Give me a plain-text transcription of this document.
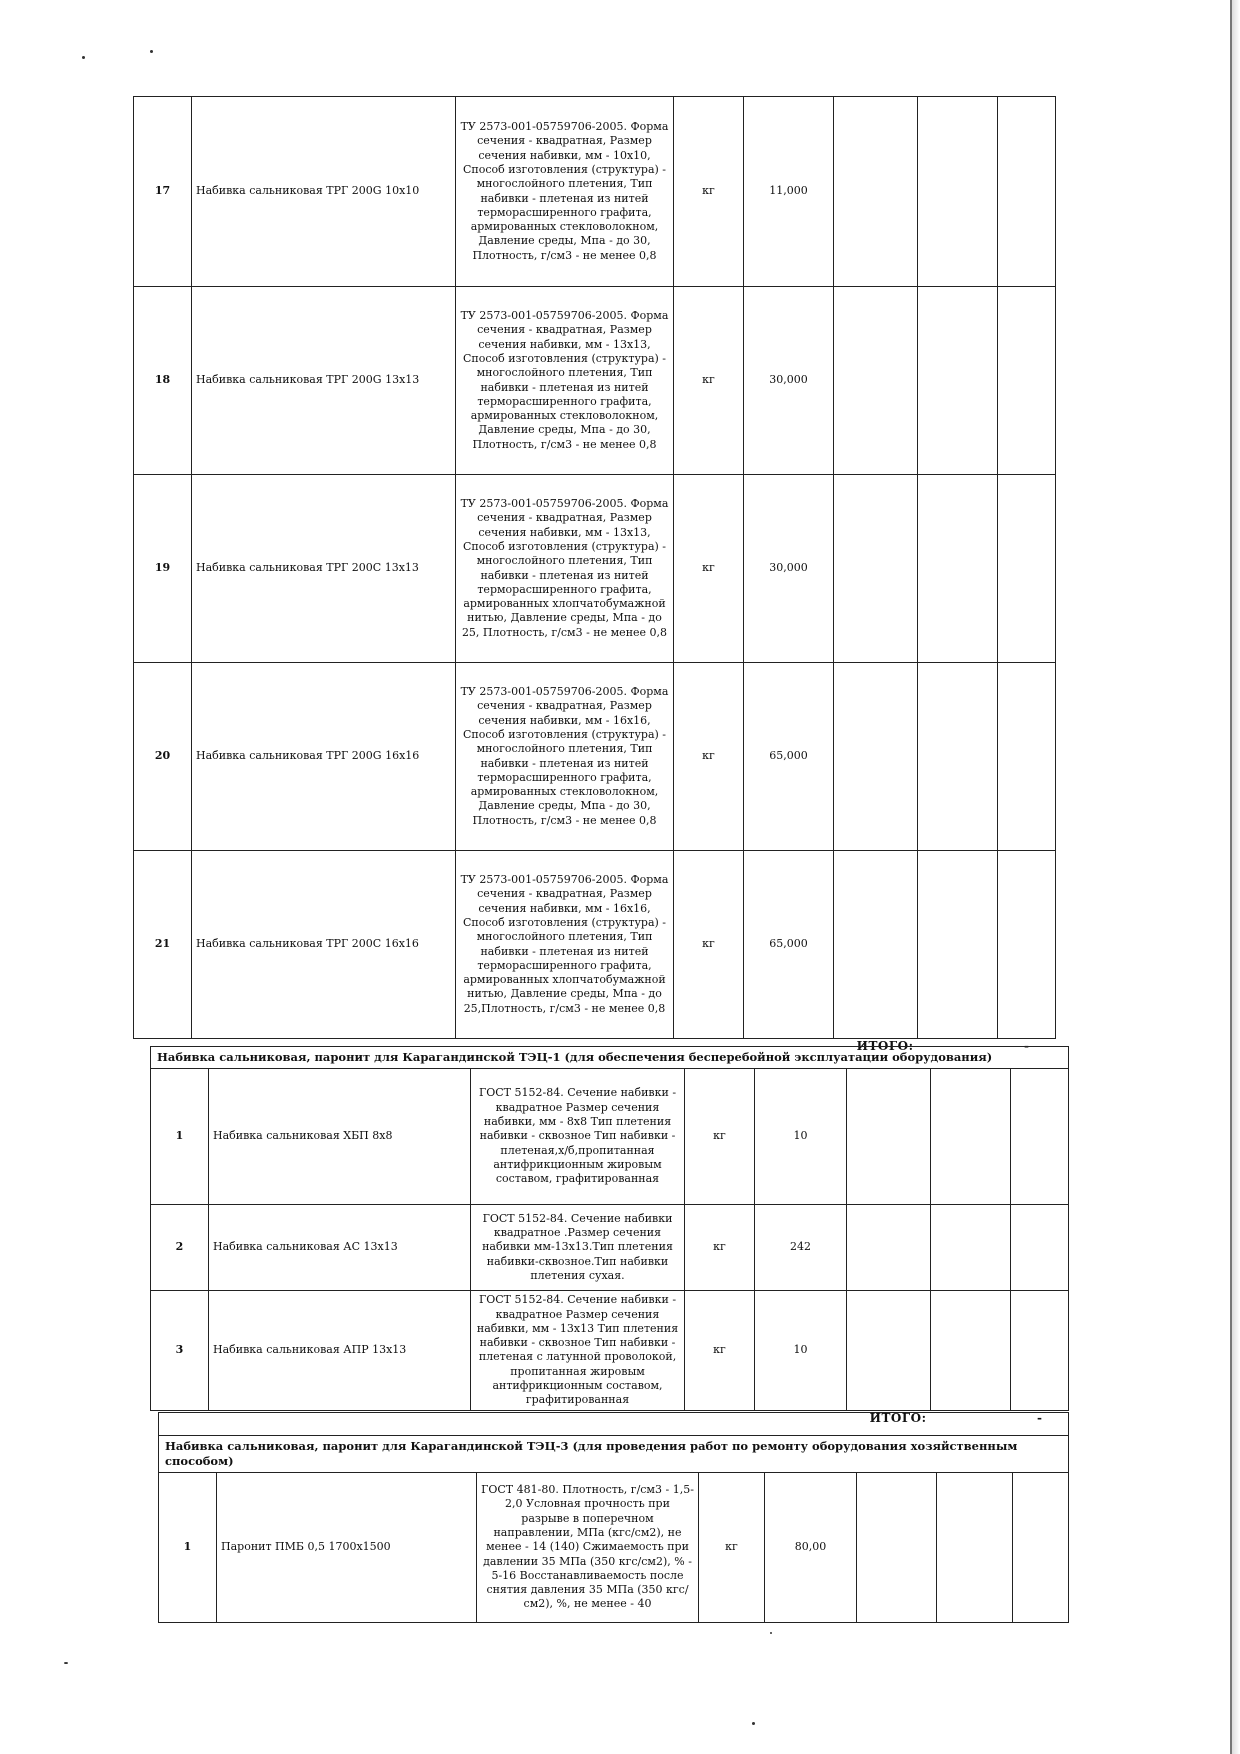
17	Набивка сальниковая ТРГ 200G 10x10	ТУ 2573-001-05759706-2005. Форма сечения - квадратная, Размер сечения набивки, мм - 10x10, Способ изготовления (структура) - многослойного плетения, Тип набивки - плетеная из нитей терморасширенного графита, армированных стекловолокном, Давление среды, Мпа - до 30, Плотность, г/см3 - не менее 0,8	кг	11,000			
18	Набивка сальниковая ТРГ 200G 13x13	ТУ 2573-001-05759706-2005. Форма сечения - квадратная, Размер сечения набивки, мм - 13x13, Способ изготовления (структура) - многослойного плетения, Тип набивки - плетеная из нитей терморасширенного графита, армированных стекловолокном, Давление среды, Мпа - до 30, Плотность, г/см3 - не менее 0,8	кг	30,000			
19	Набивка сальниковая ТРГ 200С 13x13	ТУ 2573-001-05759706-2005. Форма сечения - квадратная, Размер сечения набивки, мм - 13x13, Способ изготовления (структура) - многослойного плетения, Тип набивки - плетеная из нитей терморасширенного графита, армированных хлопчатобумажной нитью, Давление среды, Мпа - до 25, Плотность, г/см3 - не менее 0,8	кг	30,000			
20	Набивка сальниковая ТРГ 200G 16x16	ТУ 2573-001-05759706-2005. Форма сечения - квадратная, Размер сечения набивки, мм - 16x16, Способ изготовления (структура) - многослойного плетения, Тип набивки - плетеная из нитей терморасширенного графита, армированных стекловолокном, Давление среды, Мпа - до 30, Плотность, г/см3 - не менее 0,8	кг	65,000			
21	Набивка сальниковая ТРГ 200С 16x16	ТУ 2573-001-05759706-2005. Форма сечения - квадратная, Размер сечения набивки, мм - 16x16, Способ изготовления (структура) - многослойного плетения, Тип набивки - плетеная из нитей терморасширенного графита, армированных хлопчатобумажной нитью, Давление среды, Мпа - до 25,Плотность, г/см3 - не менее 0,8	кг	65,000			
ИТОГО:							-
Набивка сальниковая, паронит для Карагандинской ТЭЦ-1 (для обеспечения бесперебойной эксплуатации оборудования)							
1	Набивка сальниковая ХБП 8x8	ГОСТ 5152-84. Сечение набивки - квадратное Размер сечения набивки, мм - 8x8 Тип плетения набивки - сквозное Тип набивки - плетеная,х/б,пропитанная антифрикционным жировым составом, графитированная	кг	10			
2	Набивка сальниковая АС 13x13	ГОСТ 5152-84. Сечение набивки квадратное .Размер сечения набивки мм-13x13.Тип плетения набивки-сквозное.Тип набивки плетения сухая.	кг	242			
3	Набивка сальниковая АПР 13x13	ГОСТ 5152-84. Сечение набивки - квадратное Размер сечения набивки, мм - 13x13 Тип плетения набивки - сквозное Тип набивки - плетеная с латунной проволокой, пропитанная жировым антифрикционным составом, графитированная	кг	10			
ИТОГО:							-

Набивка сальниковая, паронит для Карагандинской ТЭЦ-3 (для проведения работ по ремонту оборудования хозяйственным способом)
1	Паронит ПМБ 0,5 1700x1500	ГОСТ 481-80. Плотность, г/см3 - 1,5-2,0 Условная прочность при разрыве в поперечном направлении, МПа (кгс/см2), не менее - 14 (140) Сжимаемость при давлении 35 МПа (350 кгс/см2), % - 5-16 Восстанавливаемость после снятия давления 35 МПа (350 кгс/см2), %, не менее - 40	кг	80,00			
